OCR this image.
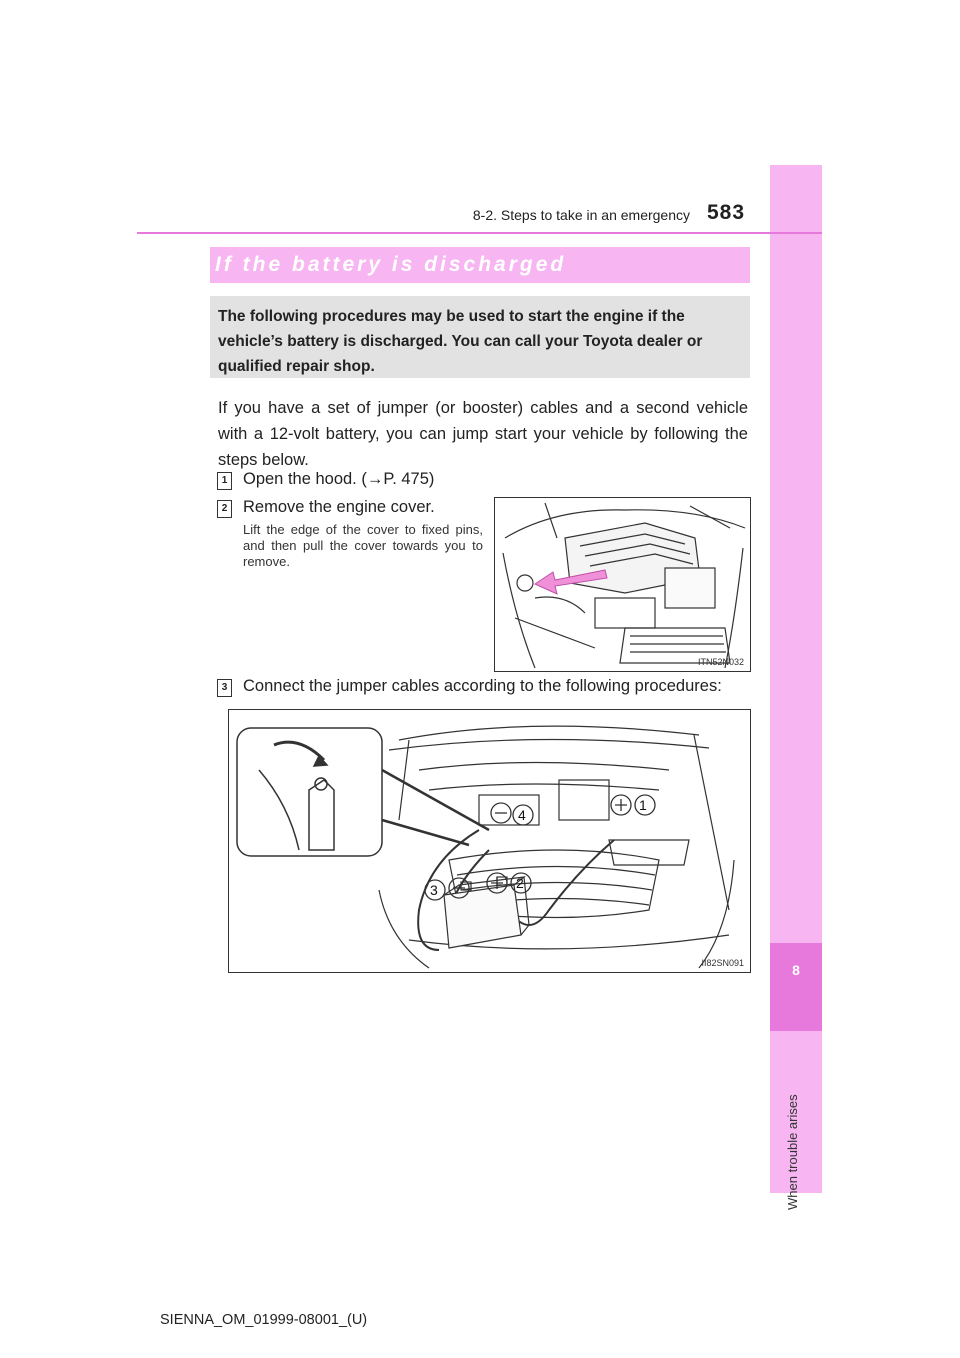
8
When trouble arises
8-2. Steps to take in an emergency 583
If the battery is discharged
The following procedures may be used to start the engine if the vehicle’s battery is discharged. You can call your Toyota dealer or qualified repair shop.
If you have a set of jumper (or booster) cables and a second vehicle with a 12-volt battery, you can jump start your vehicle by following the steps below.
1 Open the hood. (→P. 475)
2 Remove the engine cover.
Lift the edge of the cover to fixed pins, and then pull the cover towards you to remove.
ITN52N032
3 Connect the jumper cables according to the following procedures:
1
2
3
4
II82SN091
SIENNA_OM_01999-08001_(U)
